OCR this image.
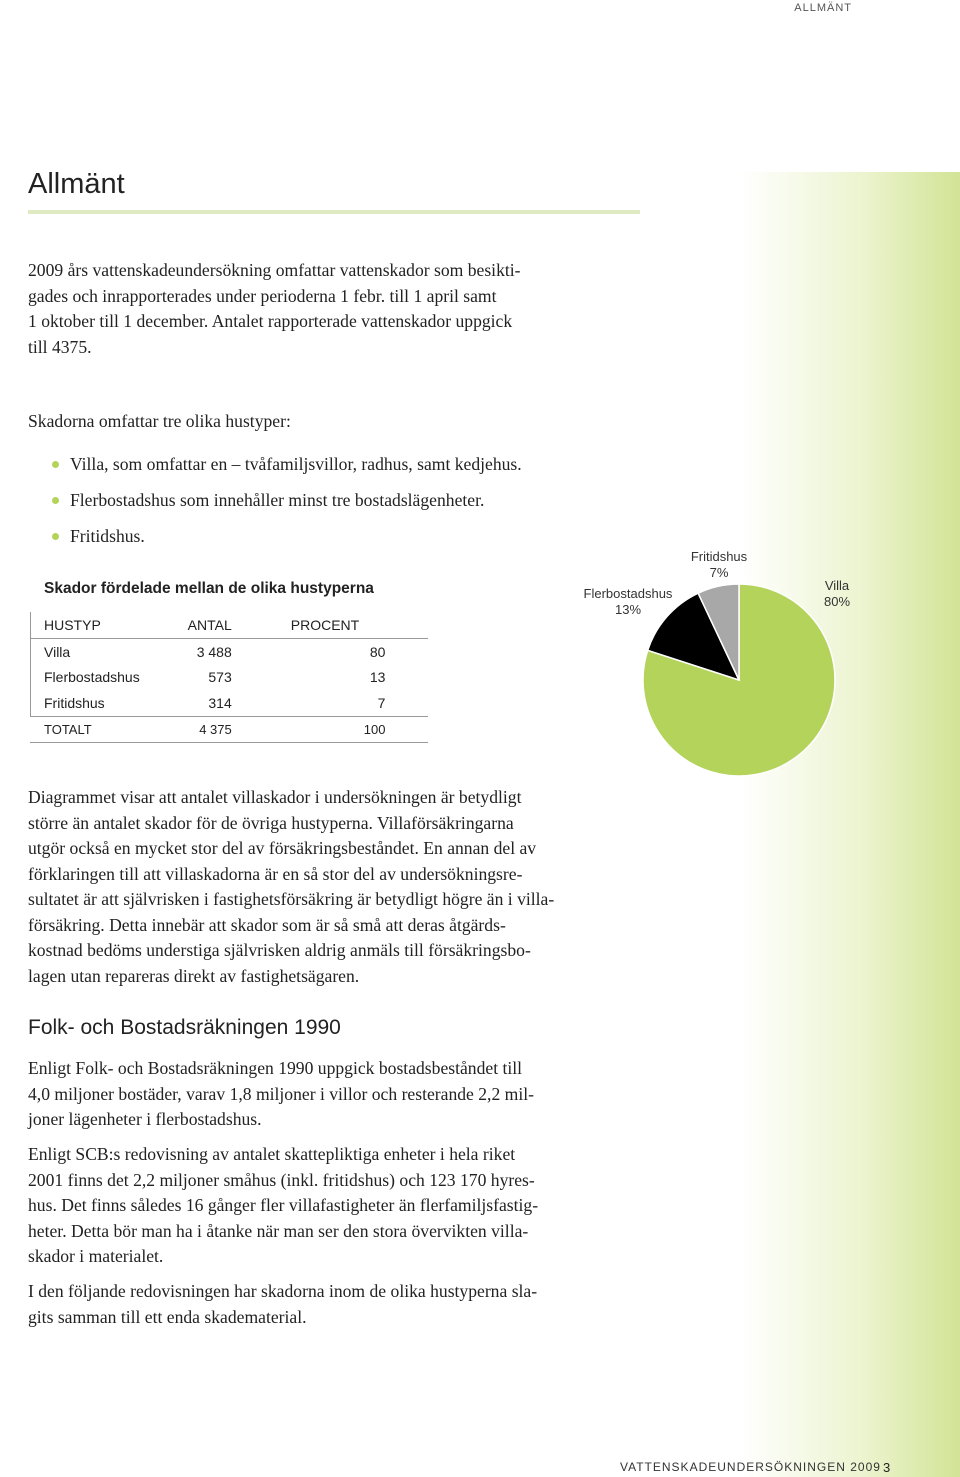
ALLMÄNT
Allmänt

2009 års vattenskadeundersökning omfattar vattenskador som besikti-
gades och inrapporterades under perioderna 1 febr. till 1 april samt
1 oktober till 1 december. Antalet rapporterade vattenskador uppgick
till 4375.

Skadorna omfattar tre olika hustyper:

Villa, som omfattar en – tvåfamiljsvillor, radhus, samt kedjehus.
Flerbostadshus som innehåller minst tre bostadslägenheter.
Fritidshus.
Skador fördelade mellan de olika hustyperna
HUSTYP	ANTAL	PROCENT	
Villa	3 488	80	
Flerbostadshus	573	13	
Fritidshus	314	7	
TOTALT	4 375	100	
Villa
80%
Flerbostadshus
13%
Fritidshus
7%

Diagrammet visar att antalet villaskador i undersökningen är betydligt
större än antalet skador för de övriga hustyperna. Villaförsäkringarna
utgör också en mycket stor del av försäkringsbeståndet. En annan del av
förklaringen till att villaskadorna är en så stor del av undersökningsre-
sultatet är att självrisken i fastighetsförsäkring är betydligt högre än i villa-
försäkring. Detta innebär att skador som är så små att deras åtgärds-
kostnad bedöms understiga självrisken aldrig anmäls till försäkringsbo-
lagen utan repareras direkt av fastighetsägaren.

Folk- och Bostadsräkningen 1990

Enligt Folk- och Bostadsräkningen 1990 uppgick bostadsbeståndet till
4,0 miljoner bostäder, varav 1,8 miljoner i villor och resterande 2,2 mil-
joner lägenheter i flerbostadshus.

Enligt SCB:s redovisning av antalet skattepliktiga enheter i hela riket
2001 finns det 2,2 miljoner småhus (inkl. fritidshus) och 123 170 hyres-
hus. Det finns således 16 gånger fler villafastigheter än flerfamiljsfastig-
heter. Detta bör man ha i åtanke när man ser den stora övervikten villa-
skador i materialet.

I den följande redovisningen har skadorna inom de olika hustyperna sla-
gits samman till ett enda skadematerial.

VATTENSKADEUNDERSÖKNINGEN 2009 3
